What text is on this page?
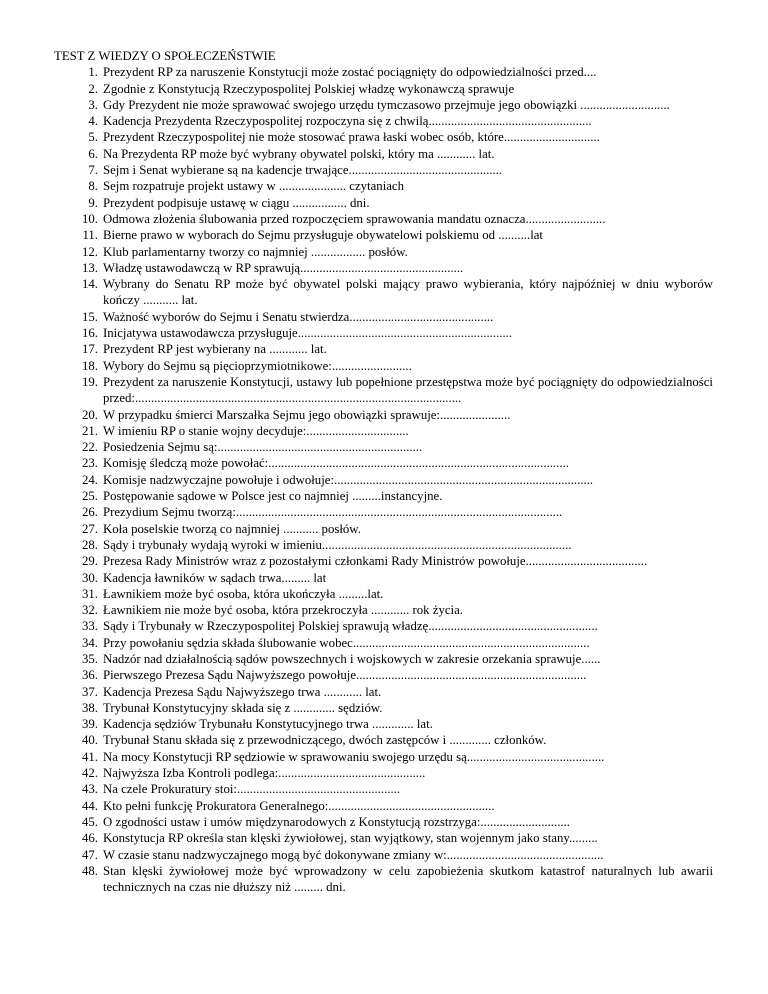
TEST Z WIEDZY O SPOŁECZEŃSTWIE
1. Prezydent RP za naruszenie Konstytucji może zostać pociągnięty do odpowiedzialności przed....
2. Zgodnie z Konstytucją Rzeczypospolitej Polskiej władzę wykonawczą sprawuje
3. Gdy Prezydent nie może sprawować swojego urzędu tymczasowo przejmuje jego obowiązki ............................
4. Kadencja Prezydenta Rzeczypospolitej rozpoczyna się z chwilą...................................................
5. Prezydent Rzeczypospolitej nie może stosować prawa łaski wobec osób, które..............................
6. Na Prezydenta RP może być wybrany obywatel polski, który ma ............ lat.
7. Sejm i Senat wybierane są na kadencje trwające................................................
8. Sejm rozpatruje projekt ustawy w ..................... czytaniach
9. Prezydent podpisuje ustawę w ciągu ................. dni.
10. Odmowa złożenia ślubowania przed rozpoczęciem sprawowania mandatu oznacza.........................
11. Bierne prawo w wyborach do Sejmu przysługuje obywatelowi polskiemu od ..........lat
12. Klub parlamentarny tworzy co najmniej ................. posłów.
13. Władzę ustawodawczą w RP sprawują...................................................
14. Wybrany do Senatu RP może być obywatel polski mający prawo wybierania, który najpóźniej w dniu wyborów kończy ........... lat.
15. Ważność wyborów do Sejmu i Senatu stwierdza.............................................
16. Inicjatywa ustawodawcza przysługuje...................................................................
17. Prezydent RP jest wybierany na ............ lat.
18. Wybory do Sejmu są pięcioprzymiotnikowe:.........................
19. Prezydent za naruszenie Konstytucji, ustawy lub popełnione przestępstwa może być pociągnięty do odpowiedzialności przed:......................................................................................................
20. W przypadku śmierci Marszałka Sejmu jego obowiązki sprawuje:......................
21. W imieniu RP o stanie wojny decyduje:................................
22. Posiedzenia Sejmu są:................................................................
23. Komisję śledczą może powołać:..............................................................................................
24. Komisje nadzwyczajne powołuje i odwołuje:.................................................................................
25. Postępowanie sądowe w Polsce jest co najmniej .........instancyjne.
26. Prezydium Sejmu tworzą:......................................................................................................
27. Koła poselskie tworzą co najmniej ........... posłów.
28. Sądy i trybunały wydają wyroki w imieniu..............................................................................
29. Prezesa Rady Ministrów wraz z pozostałymi członkami Rady Ministrów powołuje......................................
30. Kadencja ławników w sądach trwa......... lat
31. Ławnikiem może być osoba, która ukończyła .........lat.
32. Ławnikiem nie może być osoba, która przekroczyła ............ rok życia.
33. Sądy i Trybunały w Rzeczypospolitej Polskiej sprawują władzę.....................................................
34. Przy powołaniu sędzia składa ślubowanie wobec..........................................................................
35. Nadzór nad działalnością sądów powszechnych i wojskowych w zakresie orzekania sprawuje......
36. Pierwszego Prezesa Sądu Najwyższego powołuje........................................................................
37. Kadencja Prezesa Sądu Najwyższego trwa ............ lat.
38. Trybunał Konstytucyjny składa się z ............. sędziów.
39. Kadencja sędziów Trybunału Konstytucyjnego trwa ............. lat.
40. Trybunał Stanu składa się z przewodniczącego, dwóch zastępców i ............. członków.
41. Na mocy Konstytucji RP sędziowie w sprawowaniu swojego urzędu są...........................................
42. Najwyższa Izba Kontroli podlega:..............................................
43. Na czele Prokuratury stoi:...................................................
44. Kto pełni funkcję Prokuratora Generalnego:....................................................
45. O zgodności ustaw i umów międzynarodowych z Konstytucją rozstrzyga:............................
46. Konstytucja RP określa stan klęski żywiołowej, stan wyjątkowy, stan wojennym jako stany.........
47. W czasie stanu nadzwyczajnego mogą być dokonywane zmiany w:.................................................
48. Stan klęski żywiołowej może być wprowadzony w celu zapobieżenia skutkom katastrof naturalnych lub awarii technicznych na czas nie dłuższy niż ......... dni.
